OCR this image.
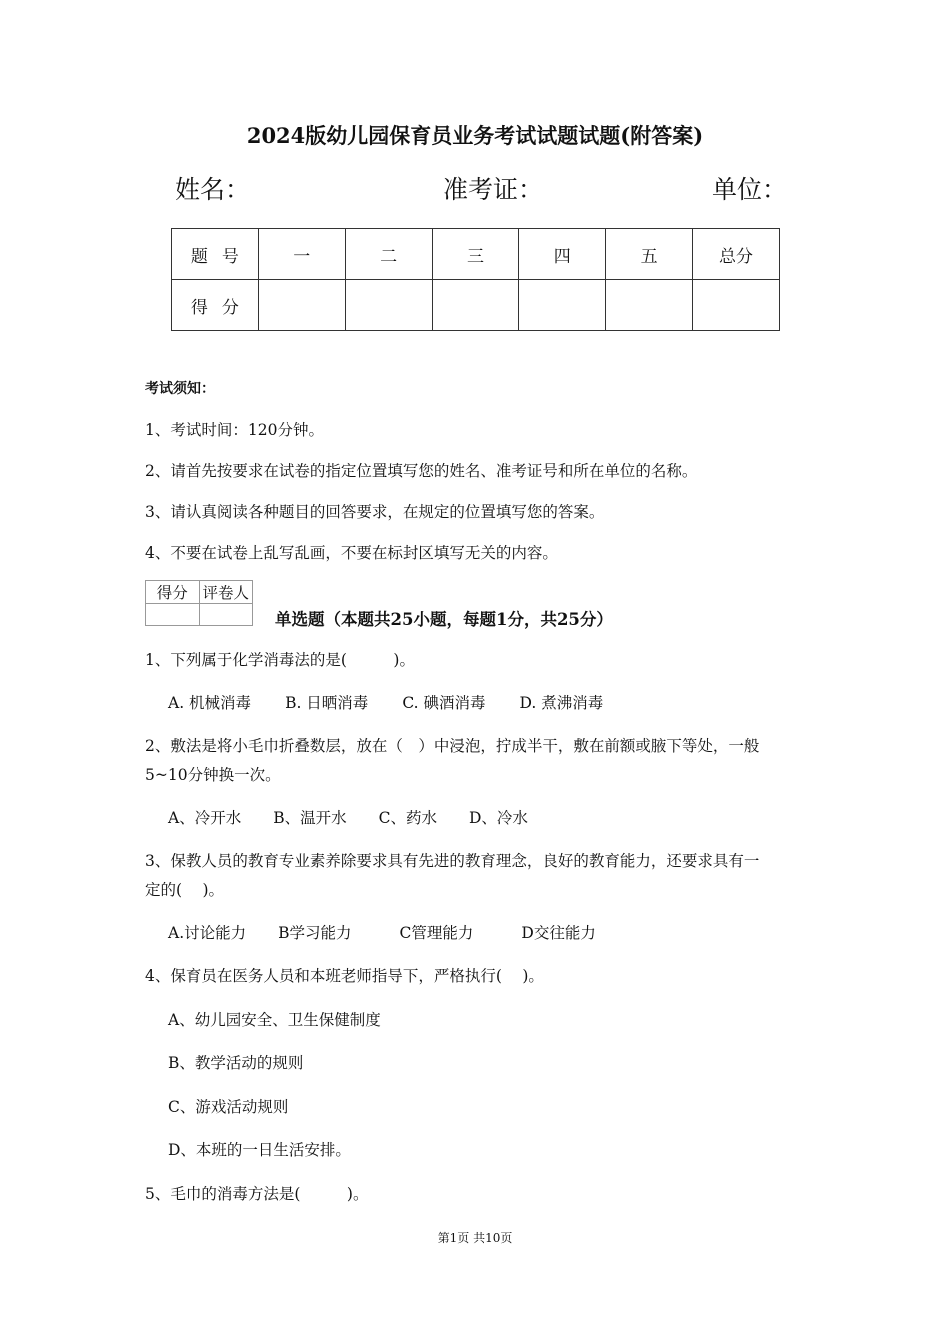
2024版幼儿园保育员业务考试试题试题(附答案)
姓名：	准考证：	单位：
题号	一	二	三	四	五	总分
得分						
考试须知：
1、考试时间：120分钟。
2、请首先按要求在试卷的指定位置填写您的姓名、准考证号和所在单位的名称。
3、请认真阅读各种题目的回答要求，在规定的位置填写您的答案。
4、不要在试卷上乱写乱画，不要在标封区填写无关的内容。
得分	评卷人

单选题（本题共25小题，每题1分，共25分）
1、下列属于化学消毒法的是(　　　)。
A. 机械消毒 B. 日晒消毒 C. 碘酒消毒 D. 煮沸消毒
2、敷法是将小毛巾折叠数层，放在（　）中浸泡，拧成半干，敷在前额或腋下等处，一般
5~10分钟换一次。
A、冷开水 B、温开水 C、药水 D、冷水
3、保教人员的教育专业素养除要求具有先进的教育理念，良好的教育能力，还要求具有一
定的(　 )。
A.讨论能力 B学习能力	C管理能力	D交往能力
4、保育员在医务人员和本班老师指导下，严格执行(　 )。
A、幼儿园安全、卫生保健制度
B、教学活动的规则
C、游戏活动规则
D、本班的一日生活安排。
5、毛巾的消毒方法是(　　　)。
第1页 共10页
